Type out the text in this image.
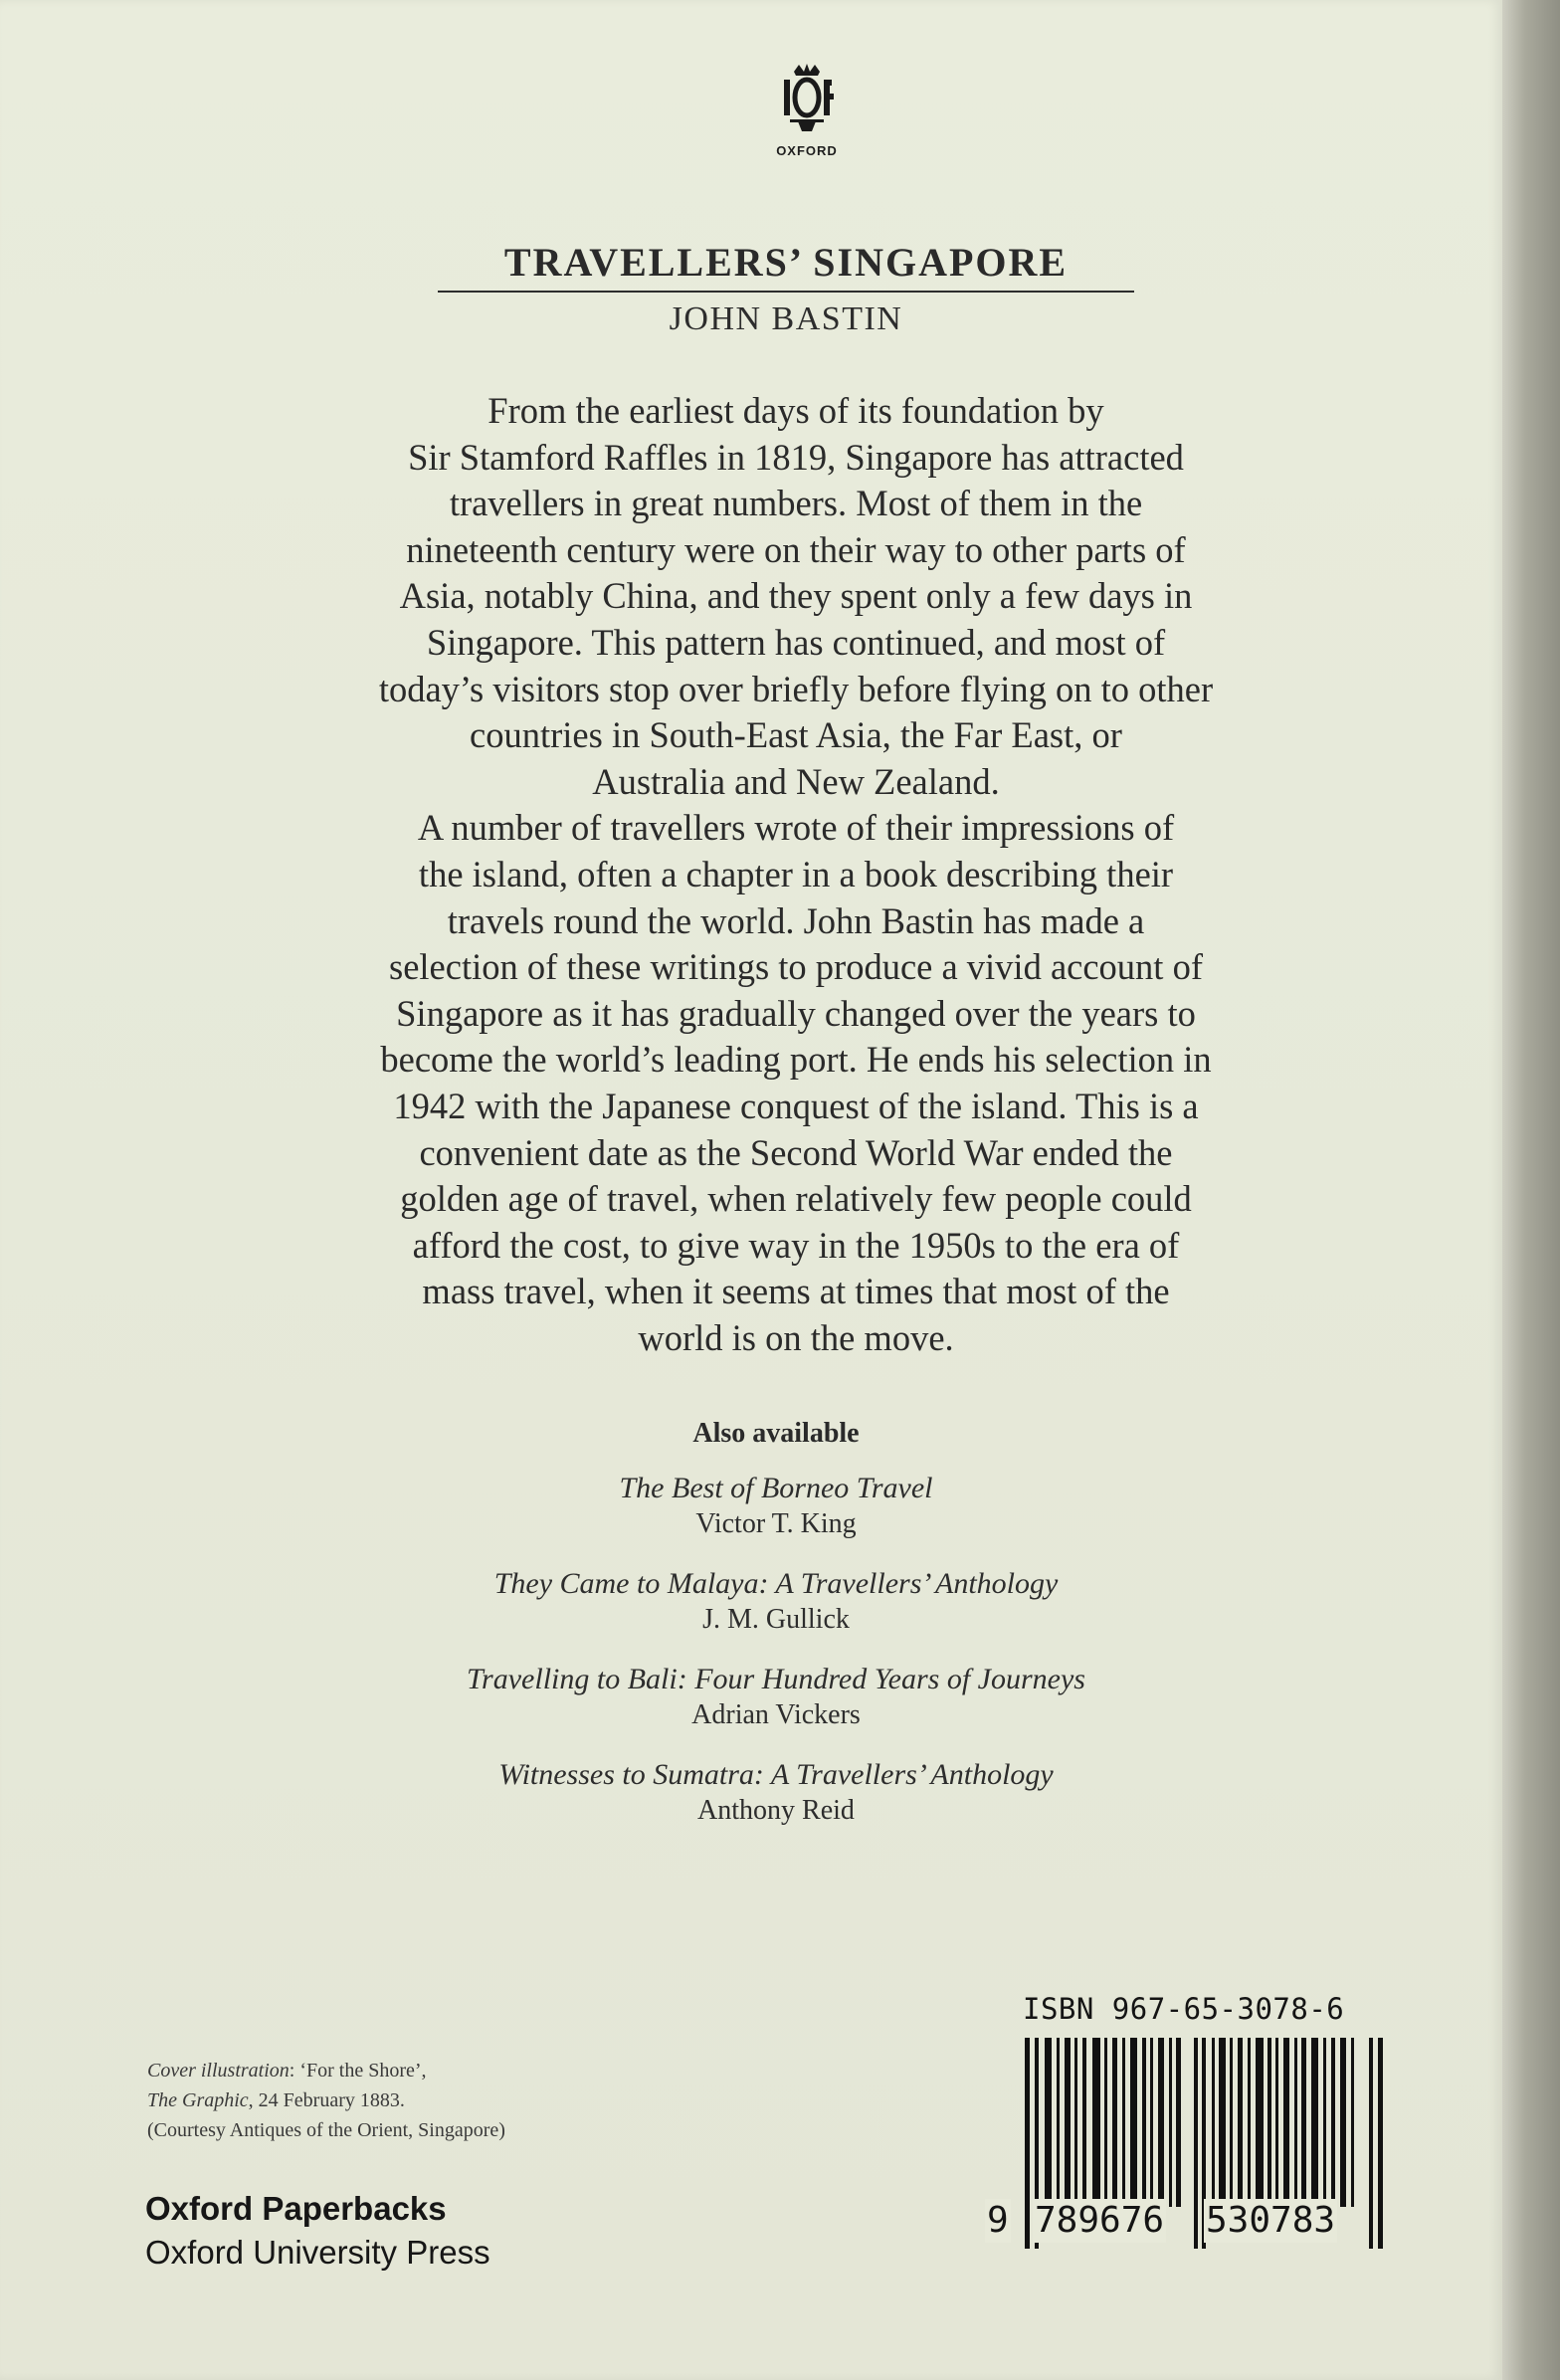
OXFORD
TRAVELLERS’ SINGAPORE
JOHN BASTIN
From the earliest days of its foundation by
Sir Stamford Raffles in 1819, Singapore has attracted
travellers in great numbers. Most of them in the
nineteenth century were on their way to other parts of
Asia, notably China, and they spent only a few days in
Singapore. This pattern has continued, and most of
today’s visitors stop over briefly before flying on to other
countries in South-East Asia, the Far East, or
Australia and New Zealand.
A number of travellers wrote of their impressions of
the island, often a chapter in a book describing their
travels round the world. John Bastin has made a
selection of these writings to produce a vivid account of
Singapore as it has gradually changed over the years to
become the world’s leading port. He ends his selection in
1942 with the Japanese conquest of the island. This is a
convenient date as the Second World War ended the
golden age of travel, when relatively few people could
afford the cost, to give way in the 1950s to the era of
mass travel, when it seems at times that most of the
world is on the move.
Also available
The Best of Borneo Travel
Victor T. King
They Came to Malaya: A Travellers’ Anthology
J. M. Gullick
Travelling to Bali: Four Hundred Years of Journeys
Adrian Vickers
Witnesses to Sumatra: A Travellers’ Anthology
Anthony Reid
Cover illustration: ‘For the Shore’,
The Graphic, 24 February 1883.
(Courtesy Antiques of the Orient, Singapore)
Oxford Paperbacks
Oxford University Press
ISBN 967-65-3078-6
9 789676 530783
